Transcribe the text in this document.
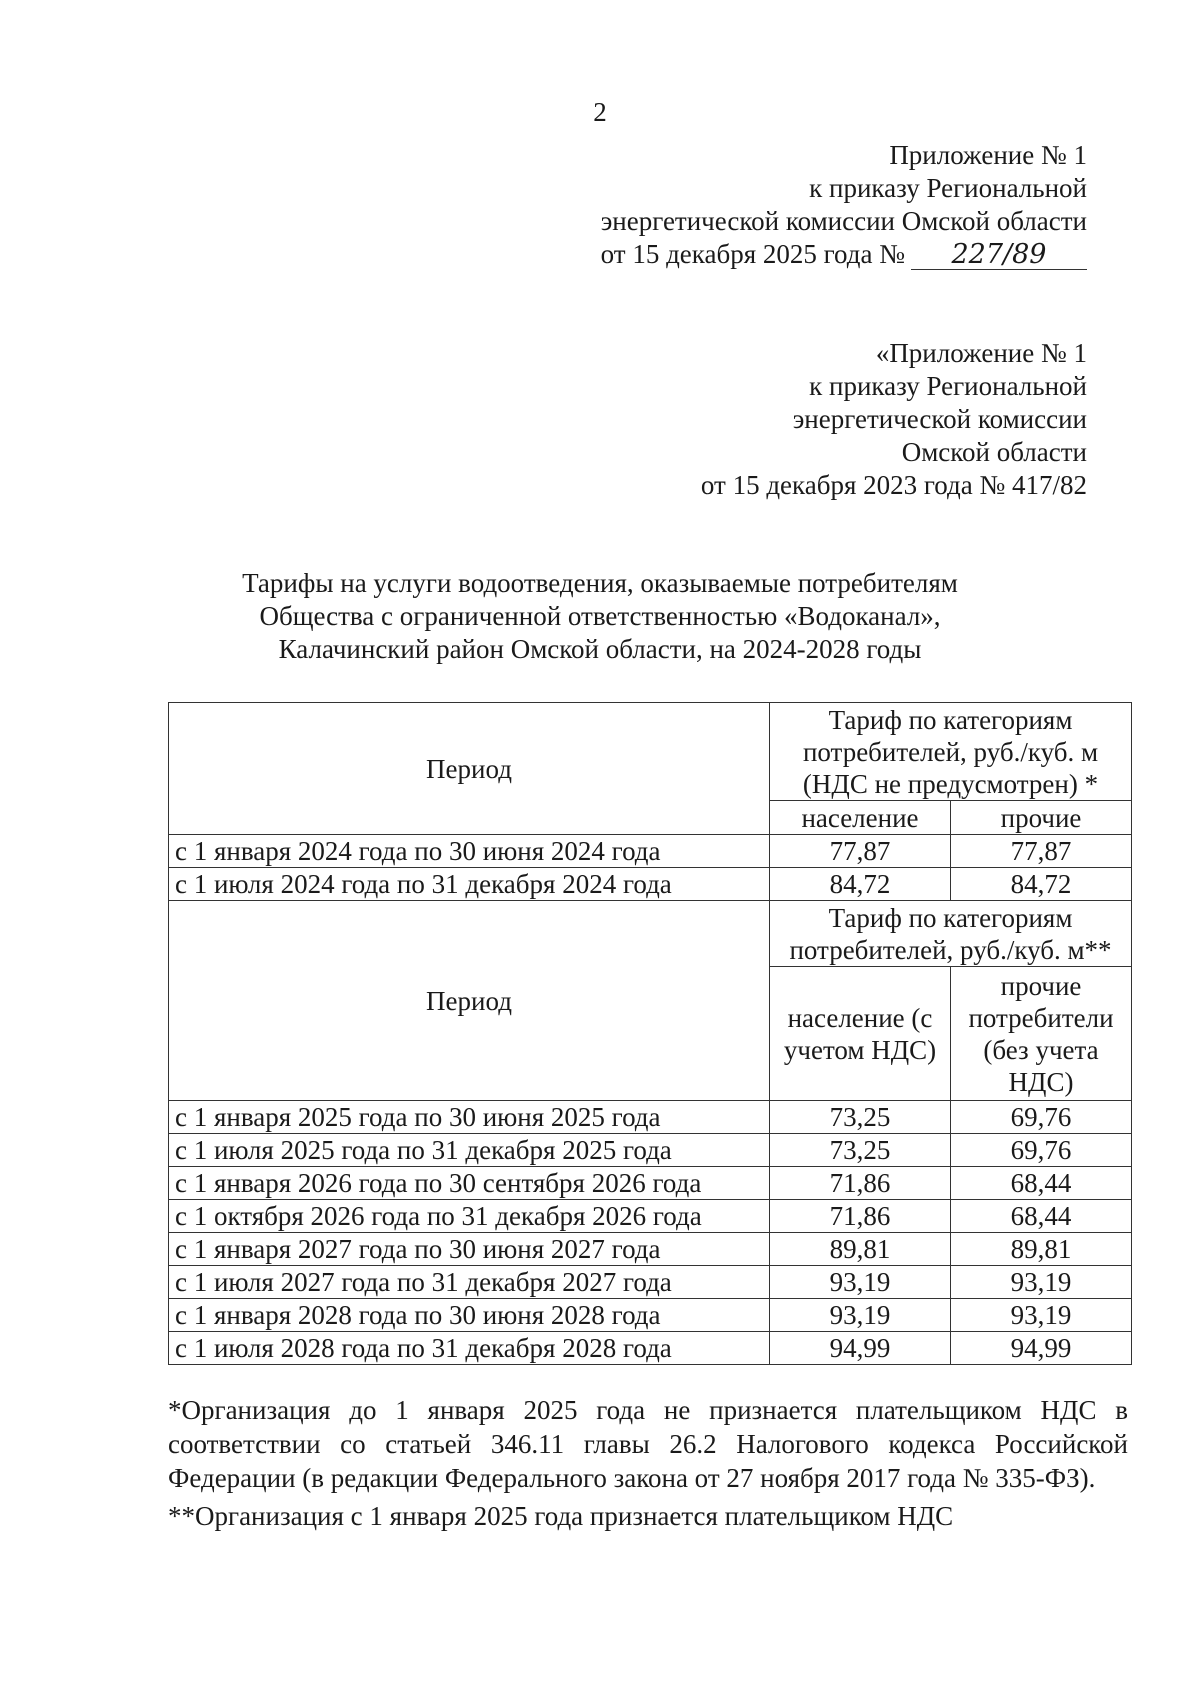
2
Приложение № 1
к приказу Региональной
энергетической комиссии Омской области
от 15 декабря 2025 года № 227/89
«Приложение № 1
к приказу Региональной
энергетической комиссии
Омской области
от 15 декабря 2023 года № 417/82
Тарифы на услуги водоотведения, оказываемые потребителям
Общества с ограниченной ответственностью «Водоканал»,
Калачинский район Омской области, на 2024-2028 годы
Период	Тариф по категориям потребителей, руб./куб. м (НДС не предусмотрен) *	
	население	прочие
с 1 января 2024 года по 30 июня 2024 года	77,87	77,87
с 1 июля 2024 года по 31 декабря 2024 года	84,72	84,72
Период	Тариф по категориям потребителей, руб./куб. м**	
	население (с учетом НДС)	прочие потребители (без учета НДС)
с 1 января 2025 года по 30 июня 2025 года	73,25	69,76
с 1 июля 2025 года по 31 декабря 2025 года	73,25	69,76
с 1 января 2026 года по 30 сентября 2026 года	71,86	68,44
с 1 октября 2026 года по 31 декабря 2026 года	71,86	68,44
с 1 января 2027 года по 30 июня 2027 года	89,81	89,81
с 1 июля 2027 года по 31 декабря 2027 года	93,19	93,19
с 1 января 2028 года по 30 июня 2028 года	93,19	93,19
с 1 июля 2028 года по 31 декабря 2028 года	94,99	94,99

*Организация до 1 января 2025 года не признается плательщиком НДС в соответствии со статьей 346.11 главы 26.2 Налогового кодекса Российской Федерации (в редакции Федерального закона от 27 ноября 2017 года № 335-ФЗ).

**Организация с 1 января 2025 года признается плательщиком НДС
